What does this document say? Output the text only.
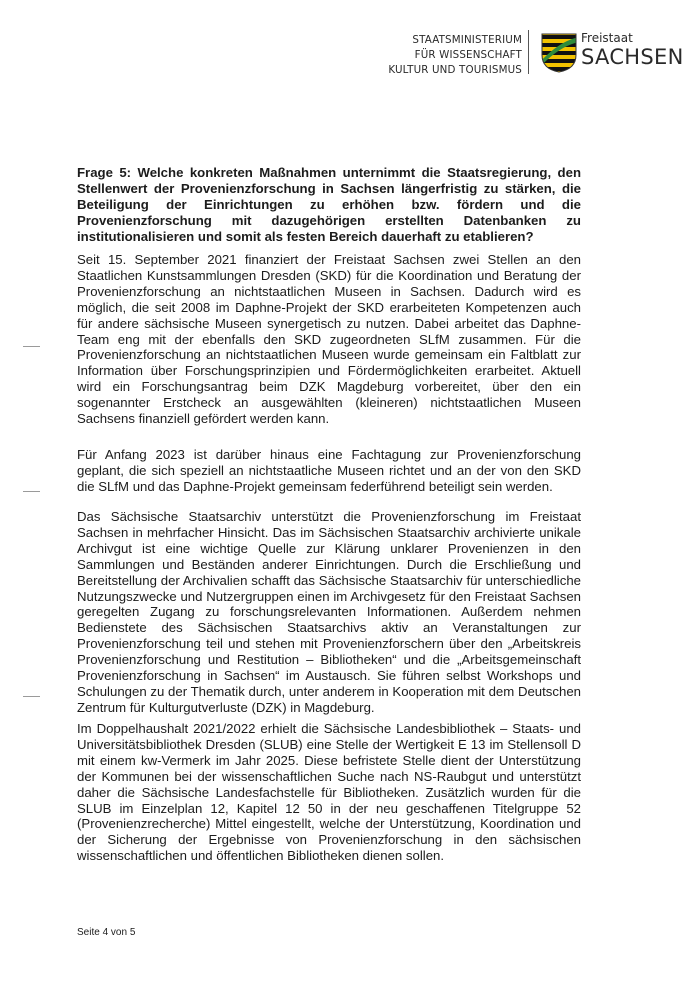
STAATSMINISTERIUM
FÜR WISSENSCHAFT
KULTUR UND TOURISMUS
Freistaat
SACHSEN
Frage 5: Welche konkreten Maßnahmen unternimmt die Staatsregierung, den Stellenwert der Provenienzforschung in Sachsen längerfristig zu stärken, die Beteiligung der Einrichtungen zu erhöhen bzw. fördern und die Provenienzforschung mit dazugehörigen erstellten Datenbanken zu institutionalisieren und somit als festen Bereich dauerhaft zu etablieren?
Seit 15. September 2021 finanziert der Freistaat Sachsen zwei Stellen an den Staatlichen Kunstsammlungen Dresden (SKD) für die Koordination und Beratung der Provenienzforschung an nichtstaatlichen Museen in Sachsen. Dadurch wird es möglich, die seit 2008 im Daphne-Projekt der SKD erarbeiteten Kompetenzen auch für andere sächsische Museen synergetisch zu nutzen. Dabei arbeitet das Daphne-Team eng mit der ebenfalls den SKD zugeordneten SLfM zusammen. Für die Provenienzforschung an nichtstaatlichen Museen wurde gemeinsam ein Faltblatt zur Information über Forschungsprinzipien und Fördermöglichkeiten erarbeitet. Aktuell wird ein Forschungsantrag beim DZK Magdeburg vorbereitet, über den ein sogenannter Erstcheck an ausgewählten (kleineren) nichtstaatlichen Museen Sachsens finanziell gefördert werden kann.
Für Anfang 2023 ist darüber hinaus eine Fachtagung zur Provenienzforschung geplant, die sich speziell an nichtstaatliche Museen richtet und an der von den SKD die SLfM und das Daphne-Projekt gemeinsam federführend beteiligt sein werden.
Das Sächsische Staatsarchiv unterstützt die Provenienzforschung im Freistaat Sachsen in mehrfacher Hinsicht. Das im Sächsischen Staatsarchiv archivierte unikale Archivgut ist eine wichtige Quelle zur Klärung unklarer Provenienzen in den Sammlungen und Beständen anderer Einrichtungen. Durch die Erschließung und Bereitstellung der Archivalien schafft das Sächsische Staatsarchiv für unterschiedliche Nutzungszwecke und Nutzergruppen einen im Archivgesetz für den Freistaat Sachsen geregelten Zugang zu forschungsrelevanten Informationen. Außerdem nehmen Bedienstete des Sächsischen Staatsarchivs aktiv an Veranstaltungen zur Provenienzforschung teil und stehen mit Provenienzforschern über den „Arbeitskreis Provenienzforschung und Restitution – Bibliotheken“ und die „Arbeitsgemeinschaft Provenienzforschung in Sachsen“ im Austausch. Sie führen selbst Workshops und Schulungen zu der Thematik durch, unter anderem in Kooperation mit dem Deutschen Zentrum für Kulturgutverluste (DZK) in Magdeburg.
Im Doppelhaushalt 2021/2022 erhielt die Sächsische Landesbibliothek – Staats- und Universitätsbibliothek Dresden (SLUB) eine Stelle der Wertigkeit E 13 im Stellensoll D mit einem kw-Vermerk im Jahr 2025. Diese befristete Stelle dient der Unterstützung der Kommunen bei der wissenschaftlichen Suche nach NS-Raubgut und unterstützt daher die Sächsische Landesfachstelle für Bibliotheken. Zusätzlich wurden für die SLUB im Einzelplan 12, Kapitel 12 50 in der neu geschaffenen Titelgruppe 52 (Provenienzrecherche) Mittel eingestellt, welche der Unterstützung, Koordination und der Sicherung der Ergebnisse von Provenienzforschung in den sächsischen wissenschaftlichen und öffentlichen Bibliotheken dienen sollen.
Seite 4 von 5
